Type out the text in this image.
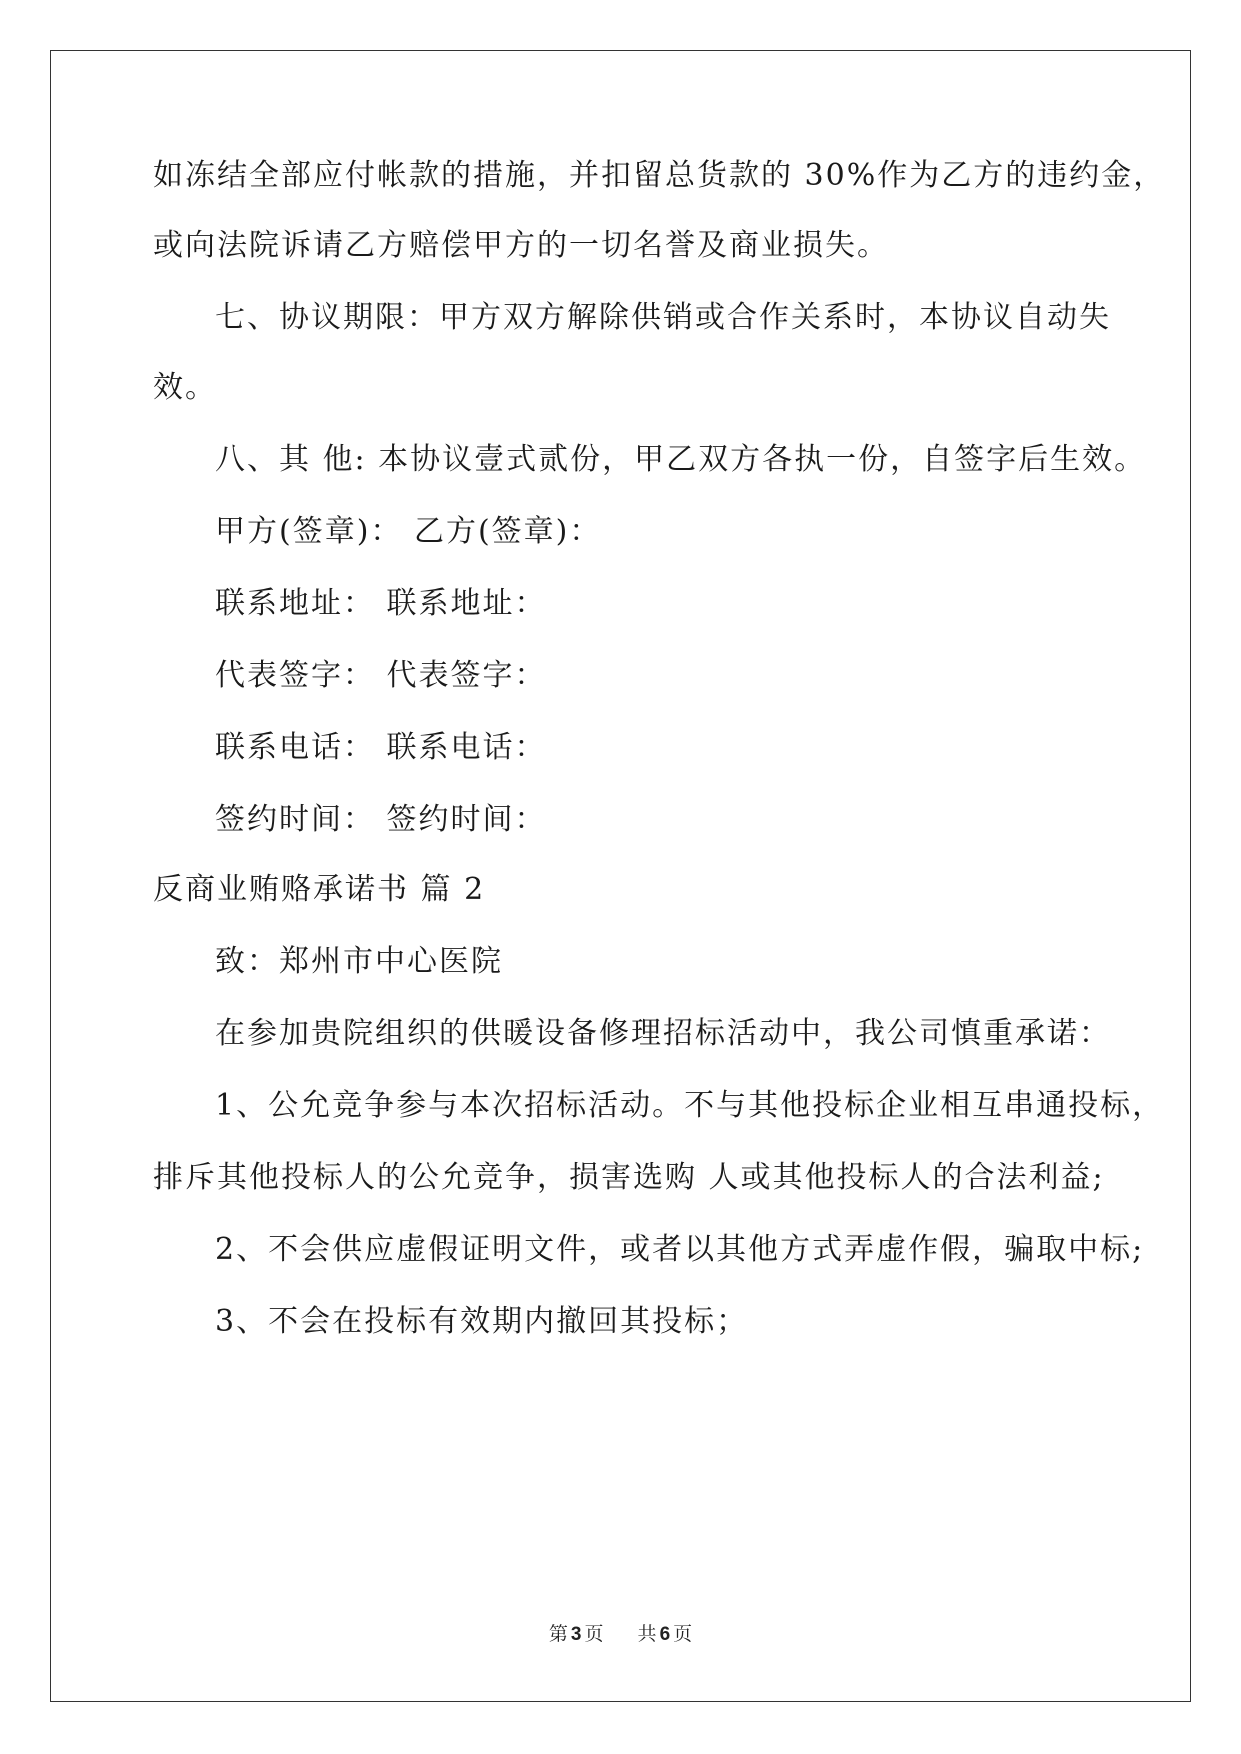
如冻结全部应付帐款的措施，并扣留总货款的 30%作为乙方的违约金，
或向法院诉请乙方赔偿甲方的一切名誉及商业损失。
七、协议期限：甲方双方解除供销或合作关系时，本协议自动失
效。
八、其 他: 本协议壹式贰份，甲乙双方各执一份，自签字后生效。
甲方(签章)： 乙方(签章)：
联系地址： 联系地址：
代表签字： 代表签字：
联系电话： 联系电话：
签约时间： 签约时间：
反商业贿赂承诺书 篇 2
致：郑州市中心医院
在参加贵院组织的供暖设备修理招标活动中，我公司慎重承诺：
1、公允竞争参与本次招标活动。不与其他投标企业相互串通投标，
排斥其他投标人的公允竞争，损害选购 人或其他投标人的合法利益;
2、不会供应虚假证明文件，或者以其他方式弄虚作假，骗取中标;
3、不会在投标有效期内撤回其投标；
第 3 页 共 6 页
